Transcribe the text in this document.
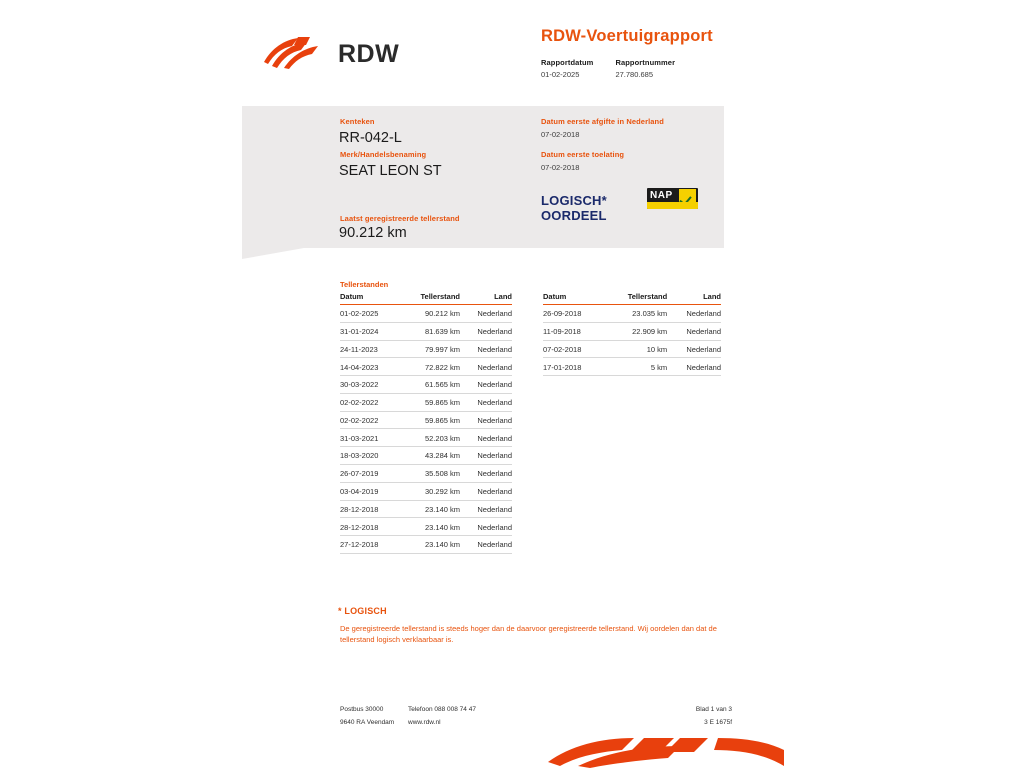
RDW
RDW-Voertuigrapport
Rapportdatum
01-02-2025
Rapportnummer
27.780.685
Kenteken
RR-042-L
Merk/Handelsbenaming
SEAT LEON ST
Laatst geregistreerde tellerstand
90.212 km
Datum eerste afgifte in Nederland
07-02-2018
Datum eerste toelating
07-02-2018
LOGISCH*
OORDEEL
NAP
Tellerstanden
Datum	Tellerstand	Land
01-02-2025	90.212 km	Nederland
31-01-2024	81.639 km	Nederland
24-11-2023	79.997 km	Nederland
14-04-2023	72.822 km	Nederland
30-03-2022	61.565 km	Nederland
02-02-2022	59.865 km	Nederland
02-02-2022	59.865 km	Nederland
31-03-2021	52.203 km	Nederland
18-03-2020	43.284 km	Nederland
26-07-2019	35.508 km	Nederland
03-04-2019	30.292 km	Nederland
28-12-2018	23.140 km	Nederland
28-12-2018	23.140 km	Nederland
27-12-2018	23.140 km	Nederland
Datum	Tellerstand	Land
26-09-2018	23.035 km	Nederland
11-09-2018	22.909 km	Nederland
07-02-2018	10 km	Nederland
17-01-2018	5 km	Nederland
* LOGISCH
De geregistreerde tellerstand is steeds hoger dan de daarvoor geregistreerde tellerstand. Wij oordelen dan dat de tellerstand logisch verklaarbaar is.
Postbus 30000	Telefoon 088 008 74 47
9640 RA Veendam	www.rdw.nl
Blad 1 van 3
3 E 1675f
